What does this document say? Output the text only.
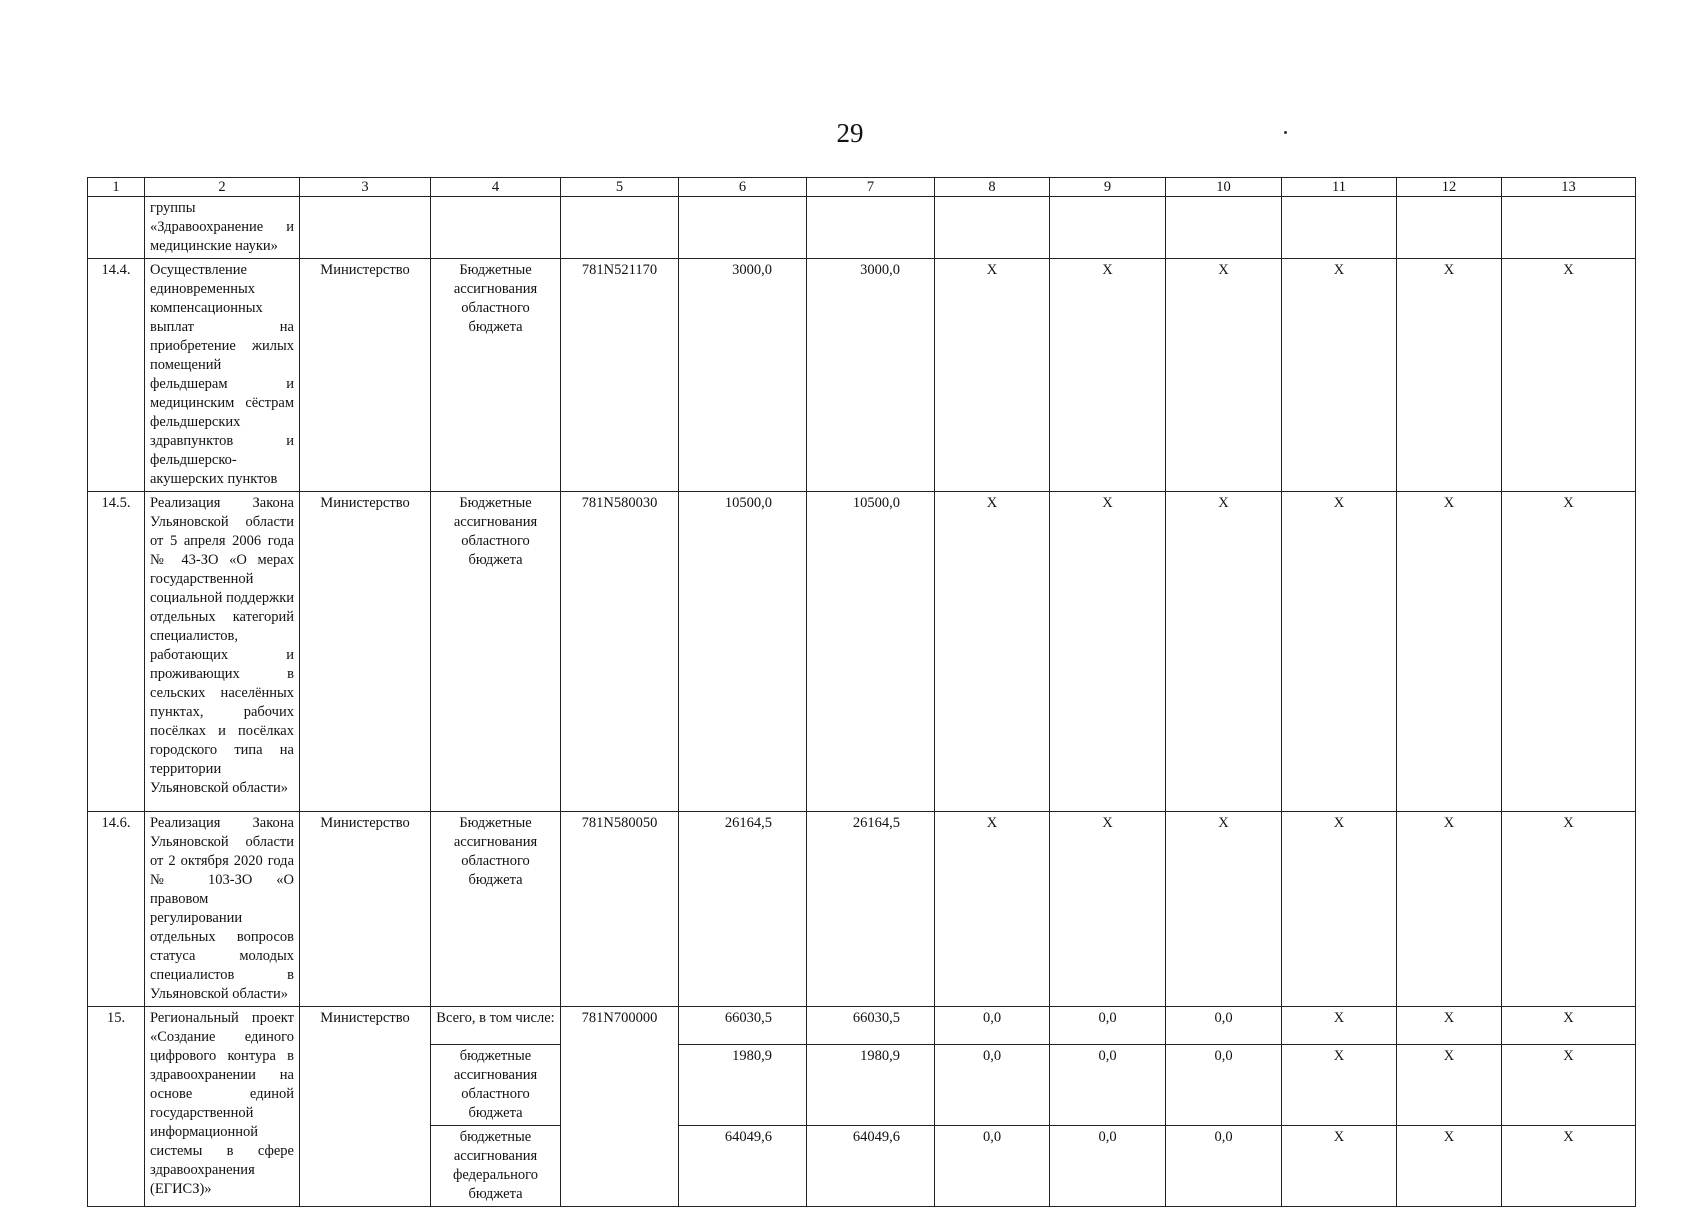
29
1	2	3	4	5	6	7	8	9	10	11	12	13
	группы «Здравоохранение и медицинские науки»											
14.4.	Осуществление единовременных компенсационных выплат на приобретение жилых помещений фельдшерам и медицинским сёстрам фельдшерских здравпунктов и фельдшерско-акушерских пунктов	Министерство	Бюджетные ассигнования областного бюджета	781N521170	3000,0	3000,0	X	X	X	X	X	X
14.5.	Реализация Закона Ульяновской области от 5 апреля 2006 года № 43-ЗО «О мерах государственной социальной поддержки отдельных категорий специалистов, работающих и проживающих в сельских населённых пунктах, рабочих посёлках и посёлках городского типа на территории Ульяновской области»	Министерство	Бюджетные ассигнования областного бюджета	781N580030	10500,0	10500,0	X	X	X	X	X	X
14.6.	Реализация Закона Ульяновской области от 2 октября 2020 года № 103-ЗО «О правовом регулировании отдельных вопросов статуса молодых специалистов в Ульяновской области»	Министерство	Бюджетные ассигнования областного бюджета	781N580050	26164,5	26164,5	X	X	X	X	X	X
15.	Региональный проект «Создание единого цифрового контура в здравоохранении на основе единой государственной информационной системы в сфере здравоохранения (ЕГИСЗ)»	Министерство	Всего, в том числе:	781N700000	66030,5	66030,5	0,0	0,0	0,0	X	X	X
			бюджетные ассигнования областного бюджета		1980,9	1980,9	0,0	0,0	0,0	X	X	X
			бюджетные ассигнования федерального бюджета		64049,6	64049,6	0,0	0,0	0,0	X	X	X
